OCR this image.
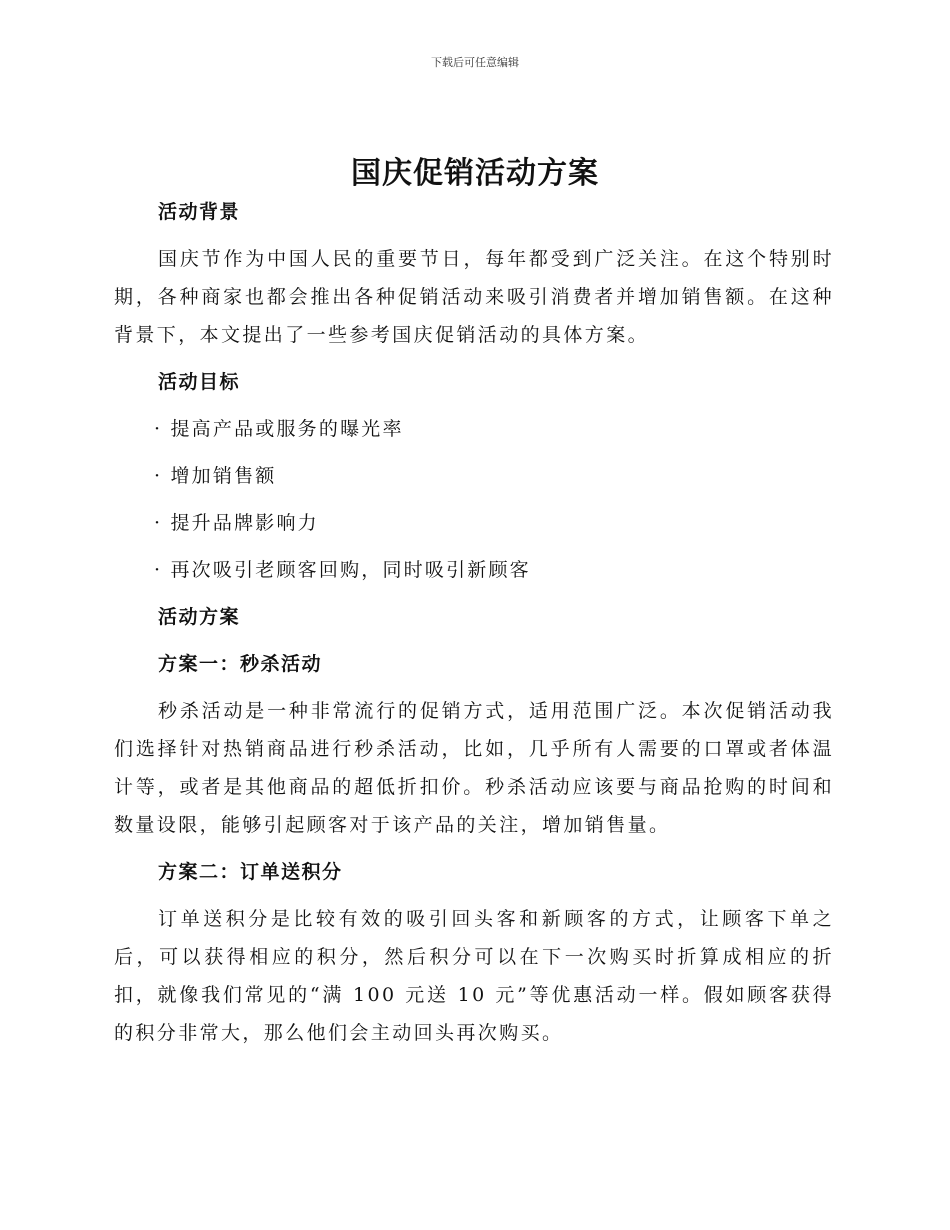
下载后可任意编辑
国庆促销活动方案

活动背景

国庆节作为中国人民的重要节日，每年都受到广泛关注。在这个特别时期，各种商家也都会推出各种促销活动来吸引消费者并增加销售额。在这种背景下，本文提出了一些参考国庆促销活动的具体方案。

活动目标

· 提高产品或服务的曝光率

· 增加销售额

· 提升品牌影响力

· 再次吸引老顾客回购，同时吸引新顾客

活动方案

方案一：秒杀活动

秒杀活动是一种非常流行的促销方式，适用范围广泛。本次促销活动我们选择针对热销商品进行秒杀活动，比如，几乎所有人需要的口罩或者体温计等，或者是其他商品的超低折扣价。秒杀活动应该要与商品抢购的时间和数量设限，能够引起顾客对于该产品的关注，增加销售量。

方案二：订单送积分

订单送积分是比较有效的吸引回头客和新顾客的方式，让顾客下单之后，可以获得相应的积分，然后积分可以在下一次购买时折算成相应的折扣，就像我们常见的“满 100 元送 10 元”等优惠活动一样。假如顾客获得的积分非常大，那么他们会主动回头再次购买。
